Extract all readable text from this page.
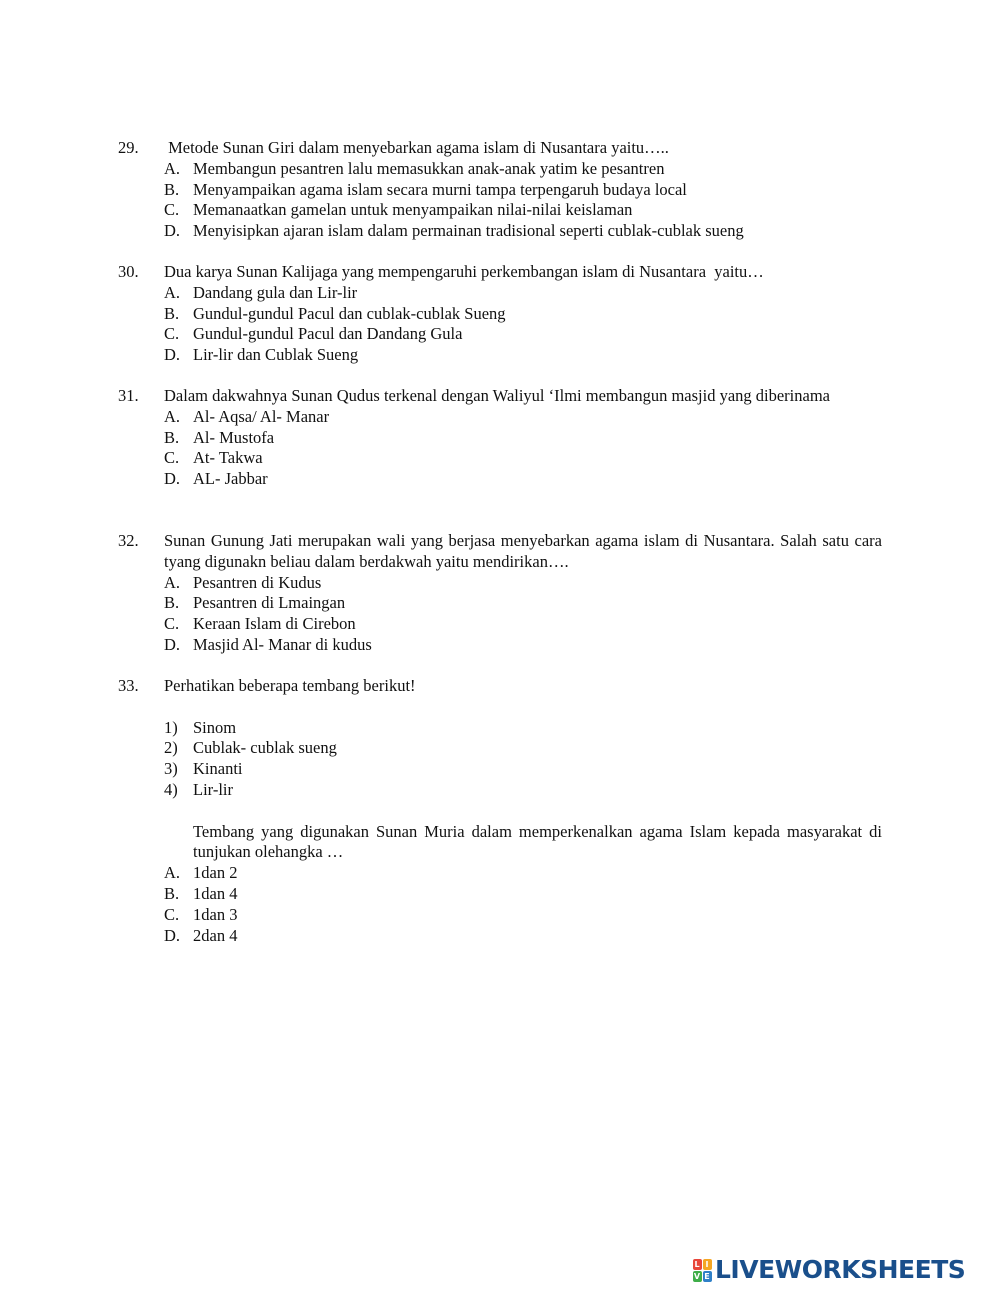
29.	Metode Sunan Giri dalam menyebarkan agama islam di Nusantara yaitu…..
A. Membangun pesantren lalu memasukkan anak-anak yatim ke pesantren
B. Menyampaikan agama islam secara murni tampa terpengaruh budaya local
C. Memanaatkan gamelan untuk menyampaikan nilai-nilai keislaman
D. Menyisipkan ajaran islam dalam permainan tradisional seperti cublak-cublak sueng
30.	Dua karya Sunan Kalijaga yang mempengaruhi perkembangan islam di Nusantara  yaitu…
A. Dandang gula dan Lir-lir
B. Gundul-gundul Pacul dan cublak-cublak Sueng
C. Gundul-gundul Pacul dan Dandang Gula
D. Lir-lir dan Cublak Sueng
31.	Dalam dakwahnya Sunan Qudus terkenal dengan Waliyul ‘Ilmi membangun masjid yang diberinama
A. Al- Aqsa/ Al- Manar
B. Al- Mustofa
C. At- Takwa
D. AL- Jabbar
32.	Sunan Gunung Jati merupakan wali yang berjasa menyebarkan agama islam di Nusantara. Salah satu cara tyang digunakn beliau dalam berdakwah yaitu mendirikan….
A. Pesantren di Kudus
B. Pesantren di Lmaingan
C. Keraan Islam di Cirebon
D. Masjid Al- Manar di kudus
33.	Perhatikan beberapa tembang berikut!
1) Sinom
2) Cublak- cublak sueng
3) Kinanti
4) Lir-lir
Tembang yang digunakan Sunan Muria dalam memperkenalkan agama Islam kepada masyarakat di tunjukan olehangka …
A. 1dan 2
B. 1dan 4
C. 1dan 3
D. 2dan 4
L I
V E LIVEWORKSHEETS
